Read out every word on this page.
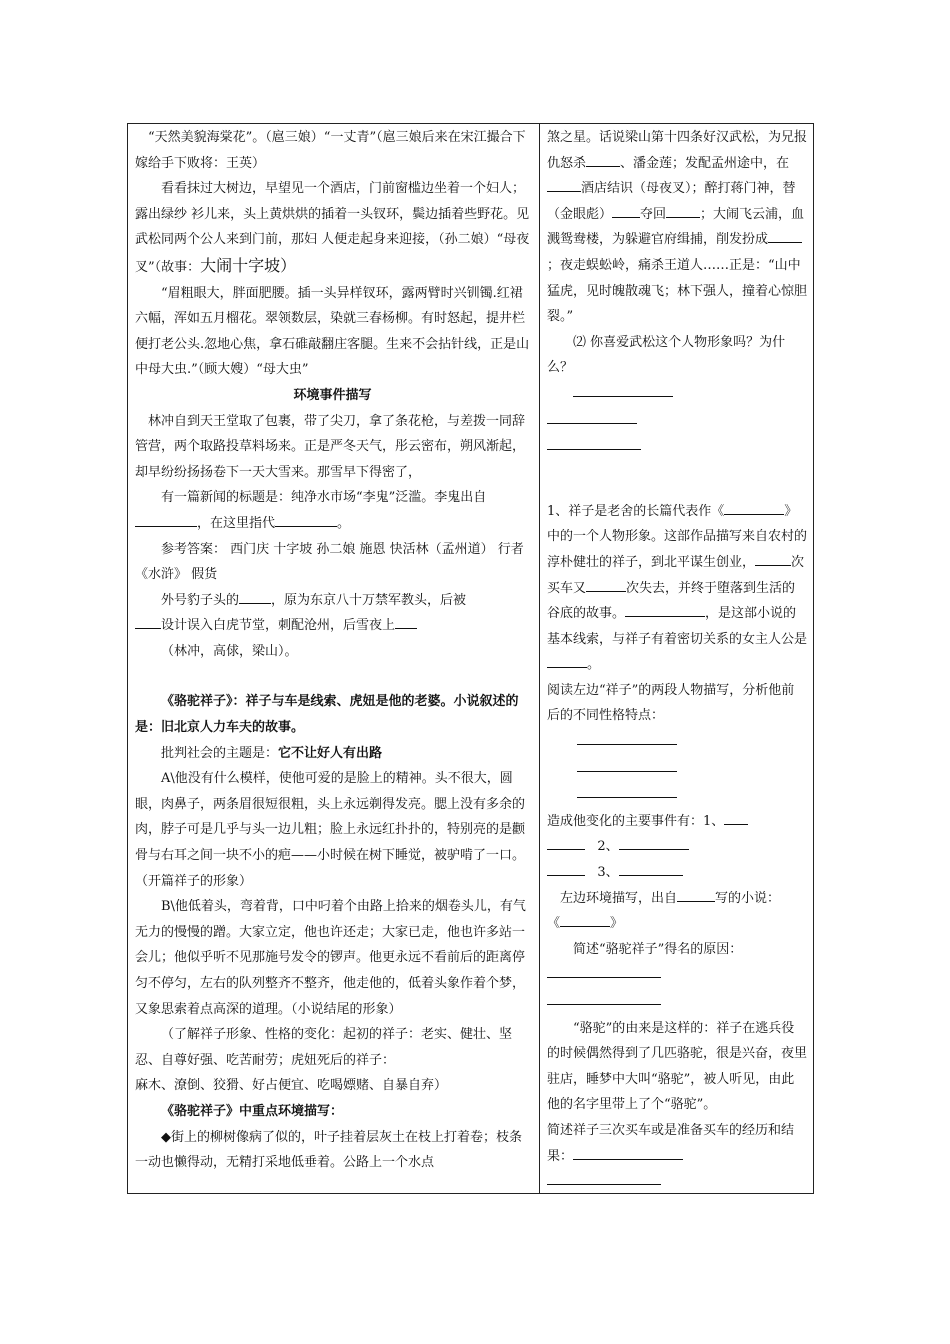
“天然美貌海棠花”。（扈三娘）“一丈青”（扈三娘后来在宋江撮合下嫁给手下败将：王英）

看看抹过大树边，早望见一个酒店，门前窗槛边坐着一个妇人；露出绿纱 衫儿来，头上黄烘烘的插着一头钗环，鬓边插着些野花。见武松同两个公人来到门前，那妇 人便走起身来迎接，（孙二娘）“母夜叉”（故事：大闹十字坡）

“眉粗眼大，胖面肥腰。插一头异样钗环，露两臂时兴钏镯.红裙六幅，浑如五月榴花。翠领数层，染就三春杨柳。有时怒起，提井栏便打老公头.忽地心焦，拿石碓敲翻庄客腿。生来不会拈针线，正是山中母大虫.”（顾大嫂）“母大虫”

环境事件描写

林冲自到天王堂取了包裹，带了尖刀，拿了条花枪，与差拨一同辞管营，两个取路投草料场来。正是严冬天气，彤云密布，朔风渐起，却早纷纷扬扬卷下一天大雪来。那雪早下得密了，

有一篇新闻的标题是：纯净水市场“李鬼”泛滥。李鬼出自，在这里指代	。

参考答案： 西门庆 十字坡 孙二娘 施恩 快活林（孟州道） 行者 《水浒》 假货

外号豹子头的 ，原为东京八十万禁军教头，后被
设计误入白虎节堂，刺配沧州，后雪夜上

（林冲，高俅，梁山）。

《骆驼祥子》：祥子与车是线索、虎妞是他的老婆。小说叙述的是：旧北京人力车夫的故事。

批判社会的主题是：它不让好人有出路

A\他没有什么模样，使他可爱的是脸上的精神。头不很大，圆眼，肉鼻子，两条眉很短很粗，头上永远剃得发亮。腮上没有多余的肉，脖子可是几乎与头一边儿粗；脸上永远红扑扑的，特别亮的是颧骨与右耳之间一块不小的疤——小时候在树下睡觉，被驴啃了一口。（开篇祥子的形象）

B\他低着头，弯着背，口中叼着个由路上拾来的烟卷头儿，有气无力的慢慢的蹭。大家立定，他也许还走；大家已走，他也许多站一会儿；他似乎听不见那施号发令的锣声。他更永远不看前后的距离停匀不停匀，左右的队列整齐不整齐，他走他的，低着头象作着个梦，又象思索着点高深的道理。（小说结尾的形象）

（了解祥子形象、性格的变化：起初的祥子：老实、健壮、坚忍、自尊好强、吃苦耐劳；虎妞死后的祥子：

麻木、潦倒、狡猾、好占便宜、吃喝嫖赌、自暴自弃）

《骆驼祥子》中重点环境描写：

◆街上的柳树像病了似的，叶子挂着层灰土在枝上打着卷；枝条一动也懒得动，无精打采地低垂着。公路上一个水点

煞之星。话说梁山第十四条好汉武松，为兄报仇怒杀	、潘金莲；发配孟州途中，在酒店结识（母夜叉）；醉打蒋门神，替（金眼彪） 夺回	；大闹飞云浦，血溅鸳鸯楼，为躲避官府缉捕，削发扮成；夜走蜈蚣岭，痛杀王道人……正是：“山中猛虎，见时魄散魂飞；林下强人，撞着心惊胆裂。”

⑵ 你喜爱武松这个人物形象吗？为什么？

1、祥子是老舍的长篇代表作《	》中的一个人物形象。这部作品描写来自农村的淳朴健壮的祥子，到北平谋生创业，	次买车又	次失去，并终于堕落到生活的谷底的故事。	，是这部小说的基本线索，与祥子有着密切关系的女主人公是。

阅读左边“祥子”的两段人物描写，分析他前后的不同性格特点：

造成他变化的主要事件有：1、

2、

3、

左边环境描写，出自	写的小说：

《	》

简述“骆驼祥子”得名的原因：

“骆驼”的由来是这样的：祥子在逃兵役的时候偶然得到了几匹骆驼，很是兴奋，夜里驻店，睡梦中大叫“骆驼”，被人听见，由此他的名字里带上了个“骆驼”。

简述祥子三次买车或是准备买车的经历和结果：
